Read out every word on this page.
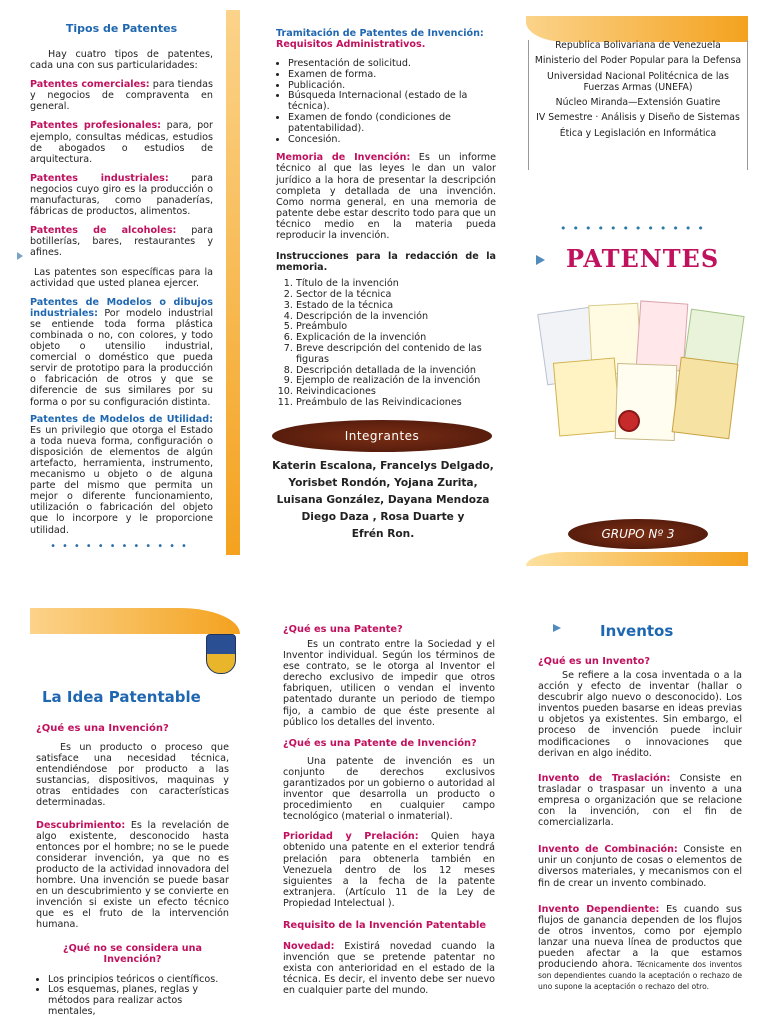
Tipos de Patentes

Hay cuatro tipos de patentes, cada una con sus particularidades:

Patentes comerciales: para tiendas y negocios de compraventa en general.

Patentes profesionales: para, por ejemplo, consultas médicas, estudios de abogados o estudios de arquitectura.

Patentes industriales: para negocios cuyo giro es la producción o manufacturas, como panaderías, fábricas de productos, alimentos.

Patentes de alcoholes: para botillerías, bares, restaurantes y afines.

Las patentes son específicas para la actividad que usted planea ejercer.

Patentes de Modelos o dibujos industriales: Por modelo industrial se entiende toda forma plástica combinada o no, con colores, y todo objeto o utensilio industrial, comercial o doméstico que pueda servir de prototipo para la producción o fabricación de otros y que se diferencie de sus similares por su forma o por su configuración distinta.

Patentes de Modelos de Utilidad: Es un privilegio que otorga el Estado a toda nueva forma, configuración o disposición de elementos de algún artefacto, herramienta, instrumento, mecanismo u objeto o de alguna parte del mismo que permita un mejor o diferente funcionamiento, utilización o fabricación del objeto que lo incorpore y le proporcione utilidad.

••••••••••••
Tramitación de Patentes de Invención:
Requisitos Administrativos.
• Presentación de solicitud.
• Examen de forma.
• Publicación.
• Búsqueda Internacional (estado de la técnica).
• Examen de fondo (condiciones de patentabilidad).
• Concesión.

Memoria de Invención: Es un informe técnico al que las leyes le dan un valor jurídico a la hora de presentar la descripción completa y detallada de una invención. Como norma general, en una memoria de patente debe estar descrito todo para que un técnico medio en la materia pueda reproducir la invención.

Instrucciones para la redacción de la memoria.
1. Título de la invención
2. Sector de la técnica
3. Estado de la técnica
4. Descripción de la invención
5. Preámbulo
6. Explicación de la invención
7. Breve descripción del contenido de las figuras
8. Descripción detallada de la invención
9. Ejemplo de realización de la invención
10. Reivindicaciones
11. Preámbulo de las Reivindicaciones
Integrantes
Katerin Escalona, Francelys Delgado,
Yorisbet Rondón, Yojana Zurita,
Luisana González, Dayana Mendoza
Diego Daza , Rosa Duarte y
Efrén Ron.
Republica Bolivariana de Venezuela
Ministerio del Poder Popular para la Defensa
Universidad Nacional Politécnica de las Fuerzas Armas (UNEFA)
Núcleo Miranda—Extensión Guatire
IV Semestre · Análisis y Diseño de Sistemas
Ética y Legislación en Informática
••••••••••••
PATENTES
GRUPO Nº 3
La Idea Patentable
¿Qué es una Invención?

Es un producto o proceso que satisface una necesidad técnica, entendiéndose por producto a las sustancias, dispositivos, maquinas y otras entidades con características determinadas.

Descubrimiento: Es la revelación de algo existente, desconocido hasta entonces por el hombre; no se le puede considerar invención, ya que no es producto de la actividad innovadora del hombre. Una invención se puede basar en un descubrimiento y se convierte en invención si existe un efecto técnico que es el fruto de la intervención humana.

¿Qué no se considera una
Invención?
• Los principios teóricos o científicos.
• Los esquemas, planes, reglas y métodos para realizar actos mentales,
¿Qué es una Patente?

Es un contrato entre la Sociedad y el Inventor individual. Según los términos de ese contrato, se le otorga al Inventor el derecho exclusivo de impedir que otros fabriquen, utilicen o vendan el invento patentado durante un periodo de tiempo fijo, a cambio de que éste presente al público los detalles del invento.

¿Qué es una Patente de Invención?

Una patente de invención es un conjunto de derechos exclusivos garantizados por un gobierno o autoridad al inventor que desarrolla un producto o procedimiento en cualquier campo tecnológico (material o inmaterial).

Prioridad y Prelación: Quien haya obtenido una patente en el exterior tendrá prelación para obtenerla también en Venezuela dentro de los 12 meses siguientes a la fecha de la patente extranjera. (Artículo 11 de la Ley de Propiedad Intelectual ).

Requisito de la Invención Patentable

Novedad: Existirá novedad cuando la invención que se pretende patentar no exista con anterioridad en el estado de la técnica. Es decir, el invento debe ser nuevo en cualquier parte del mundo.

Inventos
¿Qué es un Invento?

Se refiere a la cosa inventada o a la acción y efecto de inventar (hallar o descubrir algo nuevo o desconocido). Los inventos pueden basarse en ideas previas u objetos ya existentes. Sin embargo, el proceso de invención puede incluir modificaciones o innovaciones que derivan en algo inédito.

Invento de Traslación: Consiste en trasladar o traspasar un invento a una empresa o organización que se relacione con la invención, con el fin de comercializarla.

Invento de Combinación: Consiste en unir un conjunto de cosas o elementos de diversos materiales, y mecanismos con el fin de crear un invento combinado.

Invento Dependiente: Es cuando sus flujos de ganancia dependen de los flujos de otros inventos, como por ejemplo lanzar una nueva línea de productos que pueden afectar a la que estamos produciendo ahora. Técnicamente dos inventos son dependientes cuando la aceptación o rechazo de uno supone la aceptación o rechazo del otro.
